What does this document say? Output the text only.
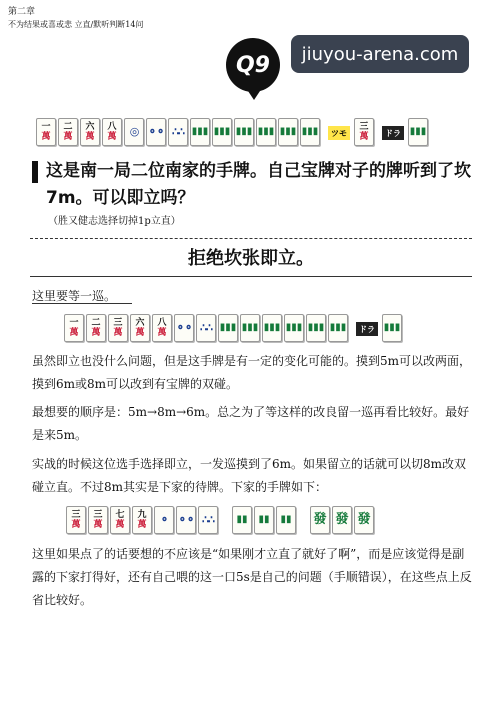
第二章
不为结果或喜或悲 立直/默听判断14问
Q9	jiuyou-arena.com
一
萬
二
萬
六
萬
八
萬 ◎ ⚬⚬ ∴∴ ▮▮▮ ▮▮▮ ▮▮▮ ▮▮▮ ▮▮▮ ▮▮▮	ツモ
三
萬	ドラ ▮▮▮
这是南一局二位南家的手牌。自己宝牌对子的牌听到了坎7m。可以即立吗？
（胜又健志选择切掉1p立直）
拒绝坎张即立。
这里要等一巡。
一
萬
二
萬
三
萬
六
萬
八
萬 ⚬⚬ ∴∴ ▮▮▮ ▮▮▮ ▮▮▮ ▮▮▮ ▮▮▮ ▮▮▮	ドラ ▮▮▮
虽然即立也没什么问题，但是这手牌是有一定的变化可能的。摸到5m可以改两面，摸到6m或8m可以改到有宝牌的双碰。
最想要的顺序是：5m→8m→6m。总之为了等这样的改良留一巡再看比较好。最好是来5m。
实战的时候这位选手选择即立，一发巡摸到了6m。如果留立的话就可以切8m改双碰立直。不过8m其实是下家的待牌。下家的手牌如下：
三
萬
三
萬
七
萬
九
萬 ⚬ ⚬⚬ ∴∴ ▮▮ ▮▮ ▮▮ 發 發 發
这里如果点了的话要想的不应该是“如果刚才立直了就好了啊”，而是应该觉得是副露的下家打得好，还有自己喂的这一口5s是自己的问题（手顺错误），在这些点上反省比较好。
